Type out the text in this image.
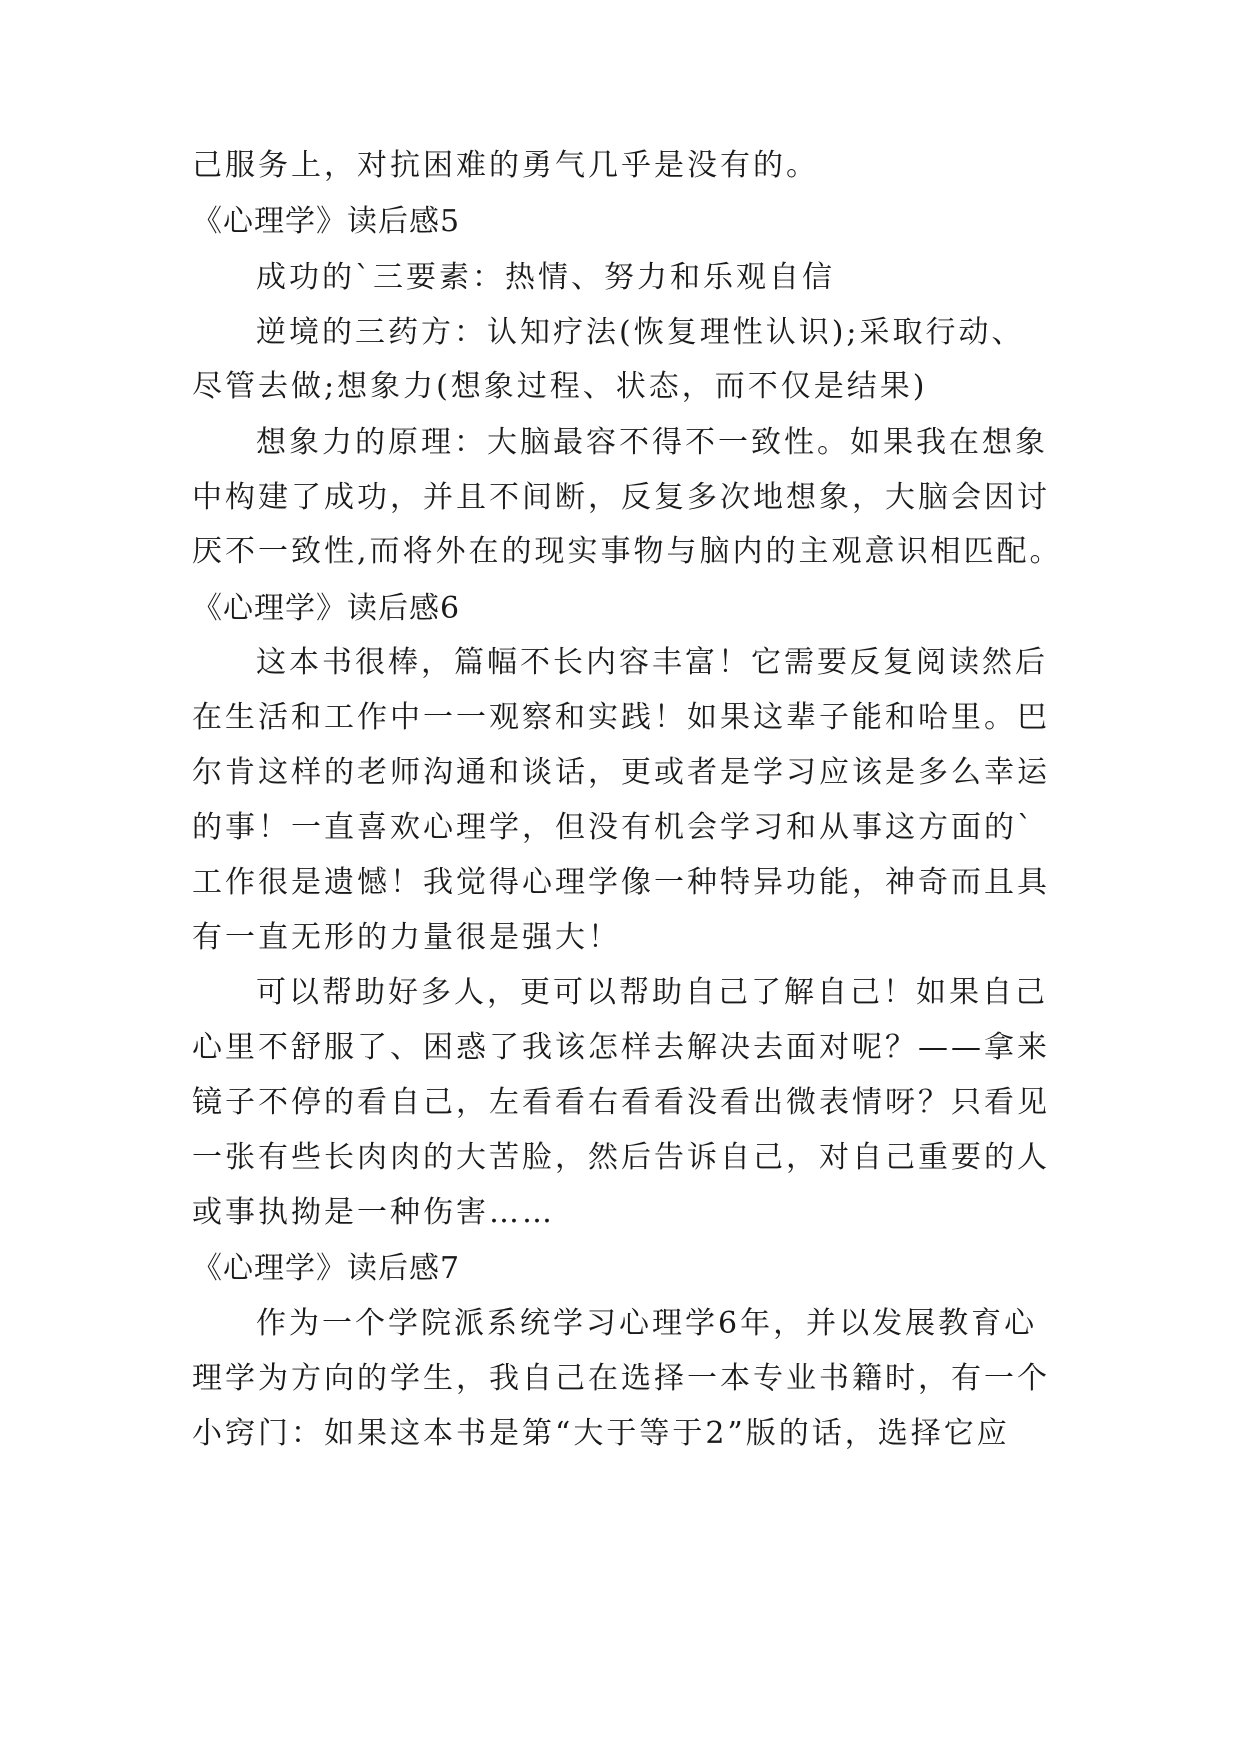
己服务上，对抗困难的勇气几乎是没有的。
《心理学》读后感5
成功的`三要素：热情、努力和乐观自信
逆境的三药方：认知疗法(恢复理性认识);采取行动、
尽管去做;想象力(想象过程、状态，而不仅是结果)
想象力的原理：大脑最容不得不一致性。如果我在想象
中构建了成功，并且不间断，反复多次地想象，大脑会因讨
厌不一致性,而将外在的现实事物与脑内的主观意识相匹配。
《心理学》读后感6
这本书很棒，篇幅不长内容丰富！它需要反复阅读然后
在生活和工作中一一观察和实践！如果这辈子能和哈里。巴
尔肯这样的老师沟通和谈话，更或者是学习应该是多么幸运
的事！一直喜欢心理学，但没有机会学习和从事这方面的`
工作很是遗憾！我觉得心理学像一种特异功能，神奇而且具
有一直无形的力量很是强大！
可以帮助好多人，更可以帮助自己了解自己！如果自己
心里不舒服了、困惑了我该怎样去解决去面对呢？——拿来
镜子不停的看自己，左看看右看看没看出微表情呀？只看见
一张有些长肉肉的大苦脸，然后告诉自己，对自己重要的人
或事执拗是一种伤害……
《心理学》读后感7
作为一个学院派系统学习心理学6年，并以发展教育心
理学为方向的学生，我自己在选择一本专业书籍时，有一个
小窍门：如果这本书是第“大于等于2”版的话，选择它应
